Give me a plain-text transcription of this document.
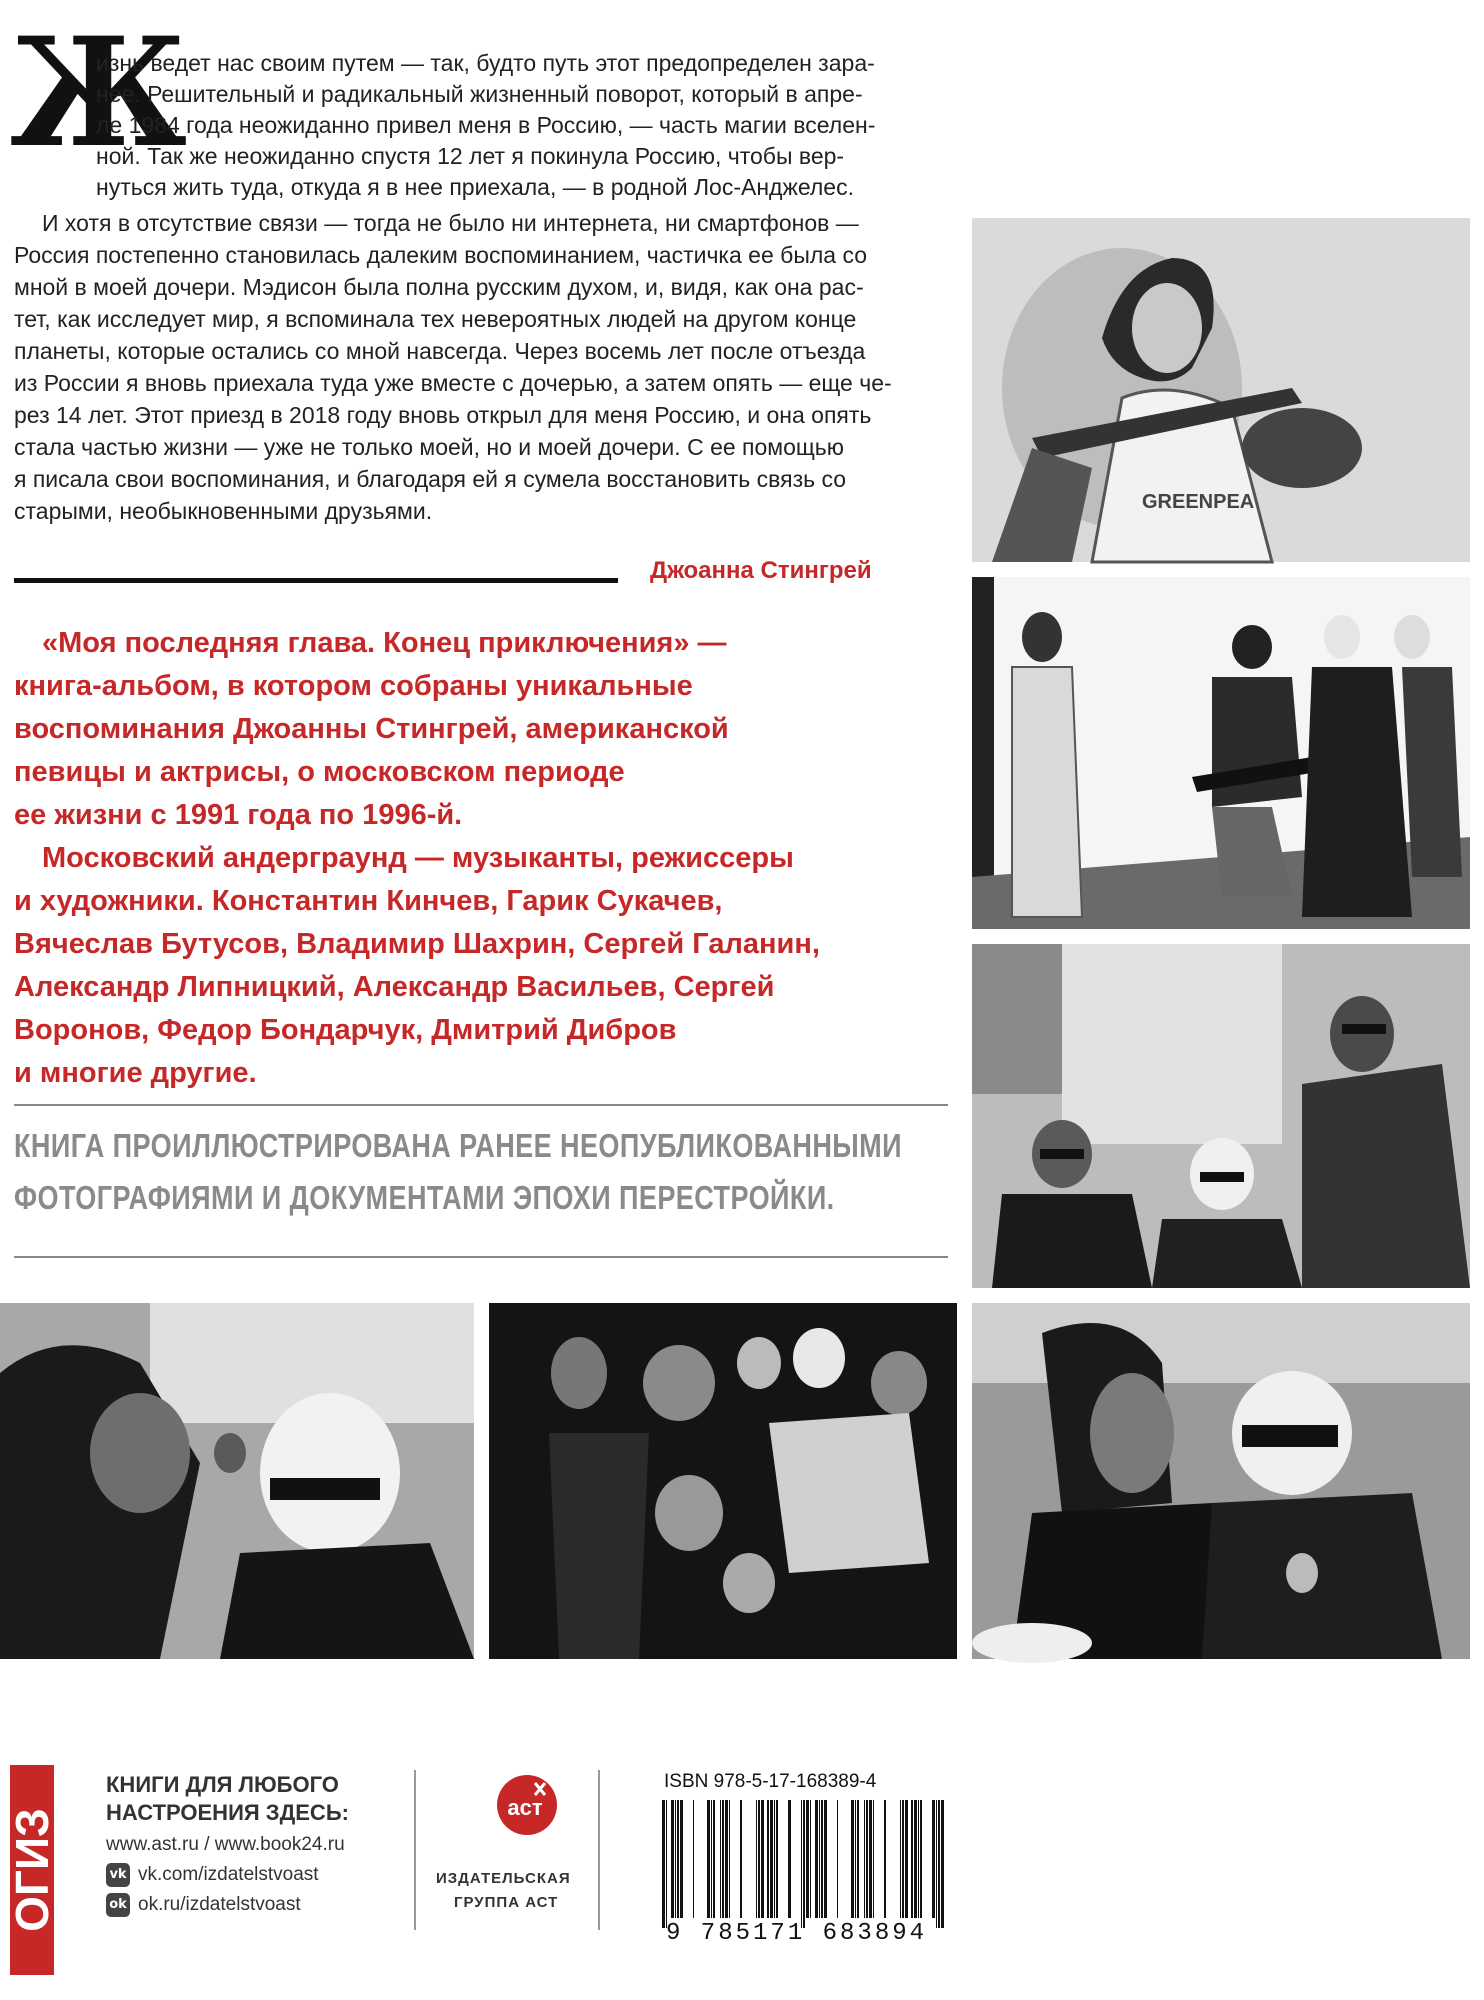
Ж
изнь ведет нас своим путем — так, будто путь этот предопределен зара-
нее. Решительный и радикальный жизненный поворот, который в апре-
ле 1984 года неожиданно привел меня в Россию, — часть магии вселен-
ной. Так же неожиданно спустя 12 лет я покинула Россию, чтобы вер-
нуться жить туда, откуда я в нее приехала, — в родной Лос-Анджелес.
И хотя в отсутствие связи — тогда не было ни интернета, ни смартфонов —
Россия постепенно становилась далеким воспоминанием, частичка ее была со
мной в моей дочери. Мэдисон была полна русским духом, и, видя, как она рас-
тет, как исследует мир, я вспоминала тех невероятных людей на другом конце
планеты, которые остались со мной навсегда. Через восемь лет после отъезда
из России я вновь приехала туда уже вместе с дочерью, а затем опять — еще че-
рез 14 лет. Этот приезд в 2018 году вновь открыл для меня Россию, и она опять
стала частью жизни — уже не только моей, но и моей дочери. С ее помощью
я писала свои воспоминания, и благодаря ей я сумела восстановить связь со
старыми, необыкновенными друзьями.
Джоанна Стингрей
«Моя последняя глава. Конец приключения» —
книга-альбом, в котором собраны уникальные
воспоминания Джоанны Стингрей, американской
певицы и актрисы, о московском периоде
ее жизни с 1991 года по 1996-й.
Московский андерграунд — музыканты, режиссеры
и художники. Константин Кинчев, Гарик Сукачев,
Вячеслав Бутусов, Владимир Шахрин, Сергей Галанин,
Александр Липницкий, Александр Васильев, Сергей
Воронов, Федор Бондарчук, Дмитрий Дибров
и многие другие.
КНИГА ПРОИЛЛЮСТРИРОВАНА РАНЕЕ НЕОПУБЛИКОВАННЫМИ
ФОТОГРАФИЯМИ И ДОКУМЕНТАМИ ЭПОХИ ПЕРЕСТРОЙКИ.
GREENPEA
ОГИЗ
КНИГИ ДЛЯ ЛЮБОГО
НАСТРОЕНИЯ ЗДЕСЬ:
www.ast.ru / www.book24.ru
vk vk.com/izdatelstvoast
ok ok.ru/izdatelstvoast
аст
ИЗДАТЕЛЬСКАЯ
ГРУППА АСТ
ISBN 978-5-17-168389-4
9 785171 683894
